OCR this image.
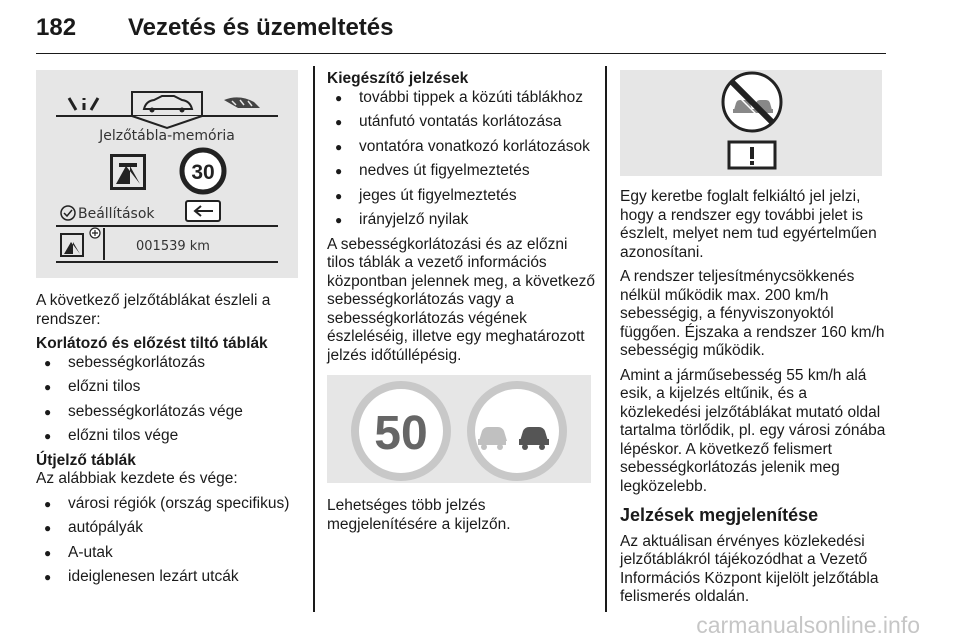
182 Vezetés és üzemeltetés
Jelzőtábla-memória
30
Beállítások
001539 km

A következő jelzőtáblákat észleli a rendszer:

Korlátozó és előzést tiltó táblák
● sebességkorlátozás
● előzni tilos
● sebességkorlátozás vége
● előzni tilos vége
Útjelző táblák

Az alábbiak kezdete és vége:

● városi régiók (ország specifikus)
● autópályák
● A-utak
● ideiglenesen lezárt utcák
Kiegészítő jelzések
● további tippek a közúti táblákhoz
● utánfutó vontatás korlátozása
● vontatóra vonatkozó korlátozások
● nedves út figyelmeztetés
● jeges út figyelmeztetés
● irányjelző nyilak

A sebességkorlátozási és az előzni tilos táblák a vezető információs központban jelennek meg, a következő sebességkorlátozás vagy a sebességkorlátozás végének észleléséig, illetve egy meghatározott jelzés időtúllépésig.

50

Lehetséges több jelzés megjelenítésére a kijelzőn.

Egy keretbe foglalt felkiáltó jel jelzi, hogy a rendszer egy további jelet is észlelt, melyet nem tud egyértelműen azonosítani.

A rendszer teljesítménycsökkenés nélkül működik max. 200 km/h sebességig, a fényviszonyoktól függően. Éjszaka a rendszer 160 km/h sebességig működik.

Amint a járműsebesség 55 km/h alá esik, a kijelzés eltűnik, és a közlekedési jelzőtáblákat mutató oldal tartalma törlődik, pl. egy városi zónába lépéskor. A következő felismert sebességkorlátozás jelenik meg legközelebb.

Jelzések megjelenítése

Az aktuálisan érvényes közlekedési jelzőtáblákról tájékozódhat a Vezető Információs Központ kijelölt jelzőtábla felismerés oldalán.

carmanualsonline.info
